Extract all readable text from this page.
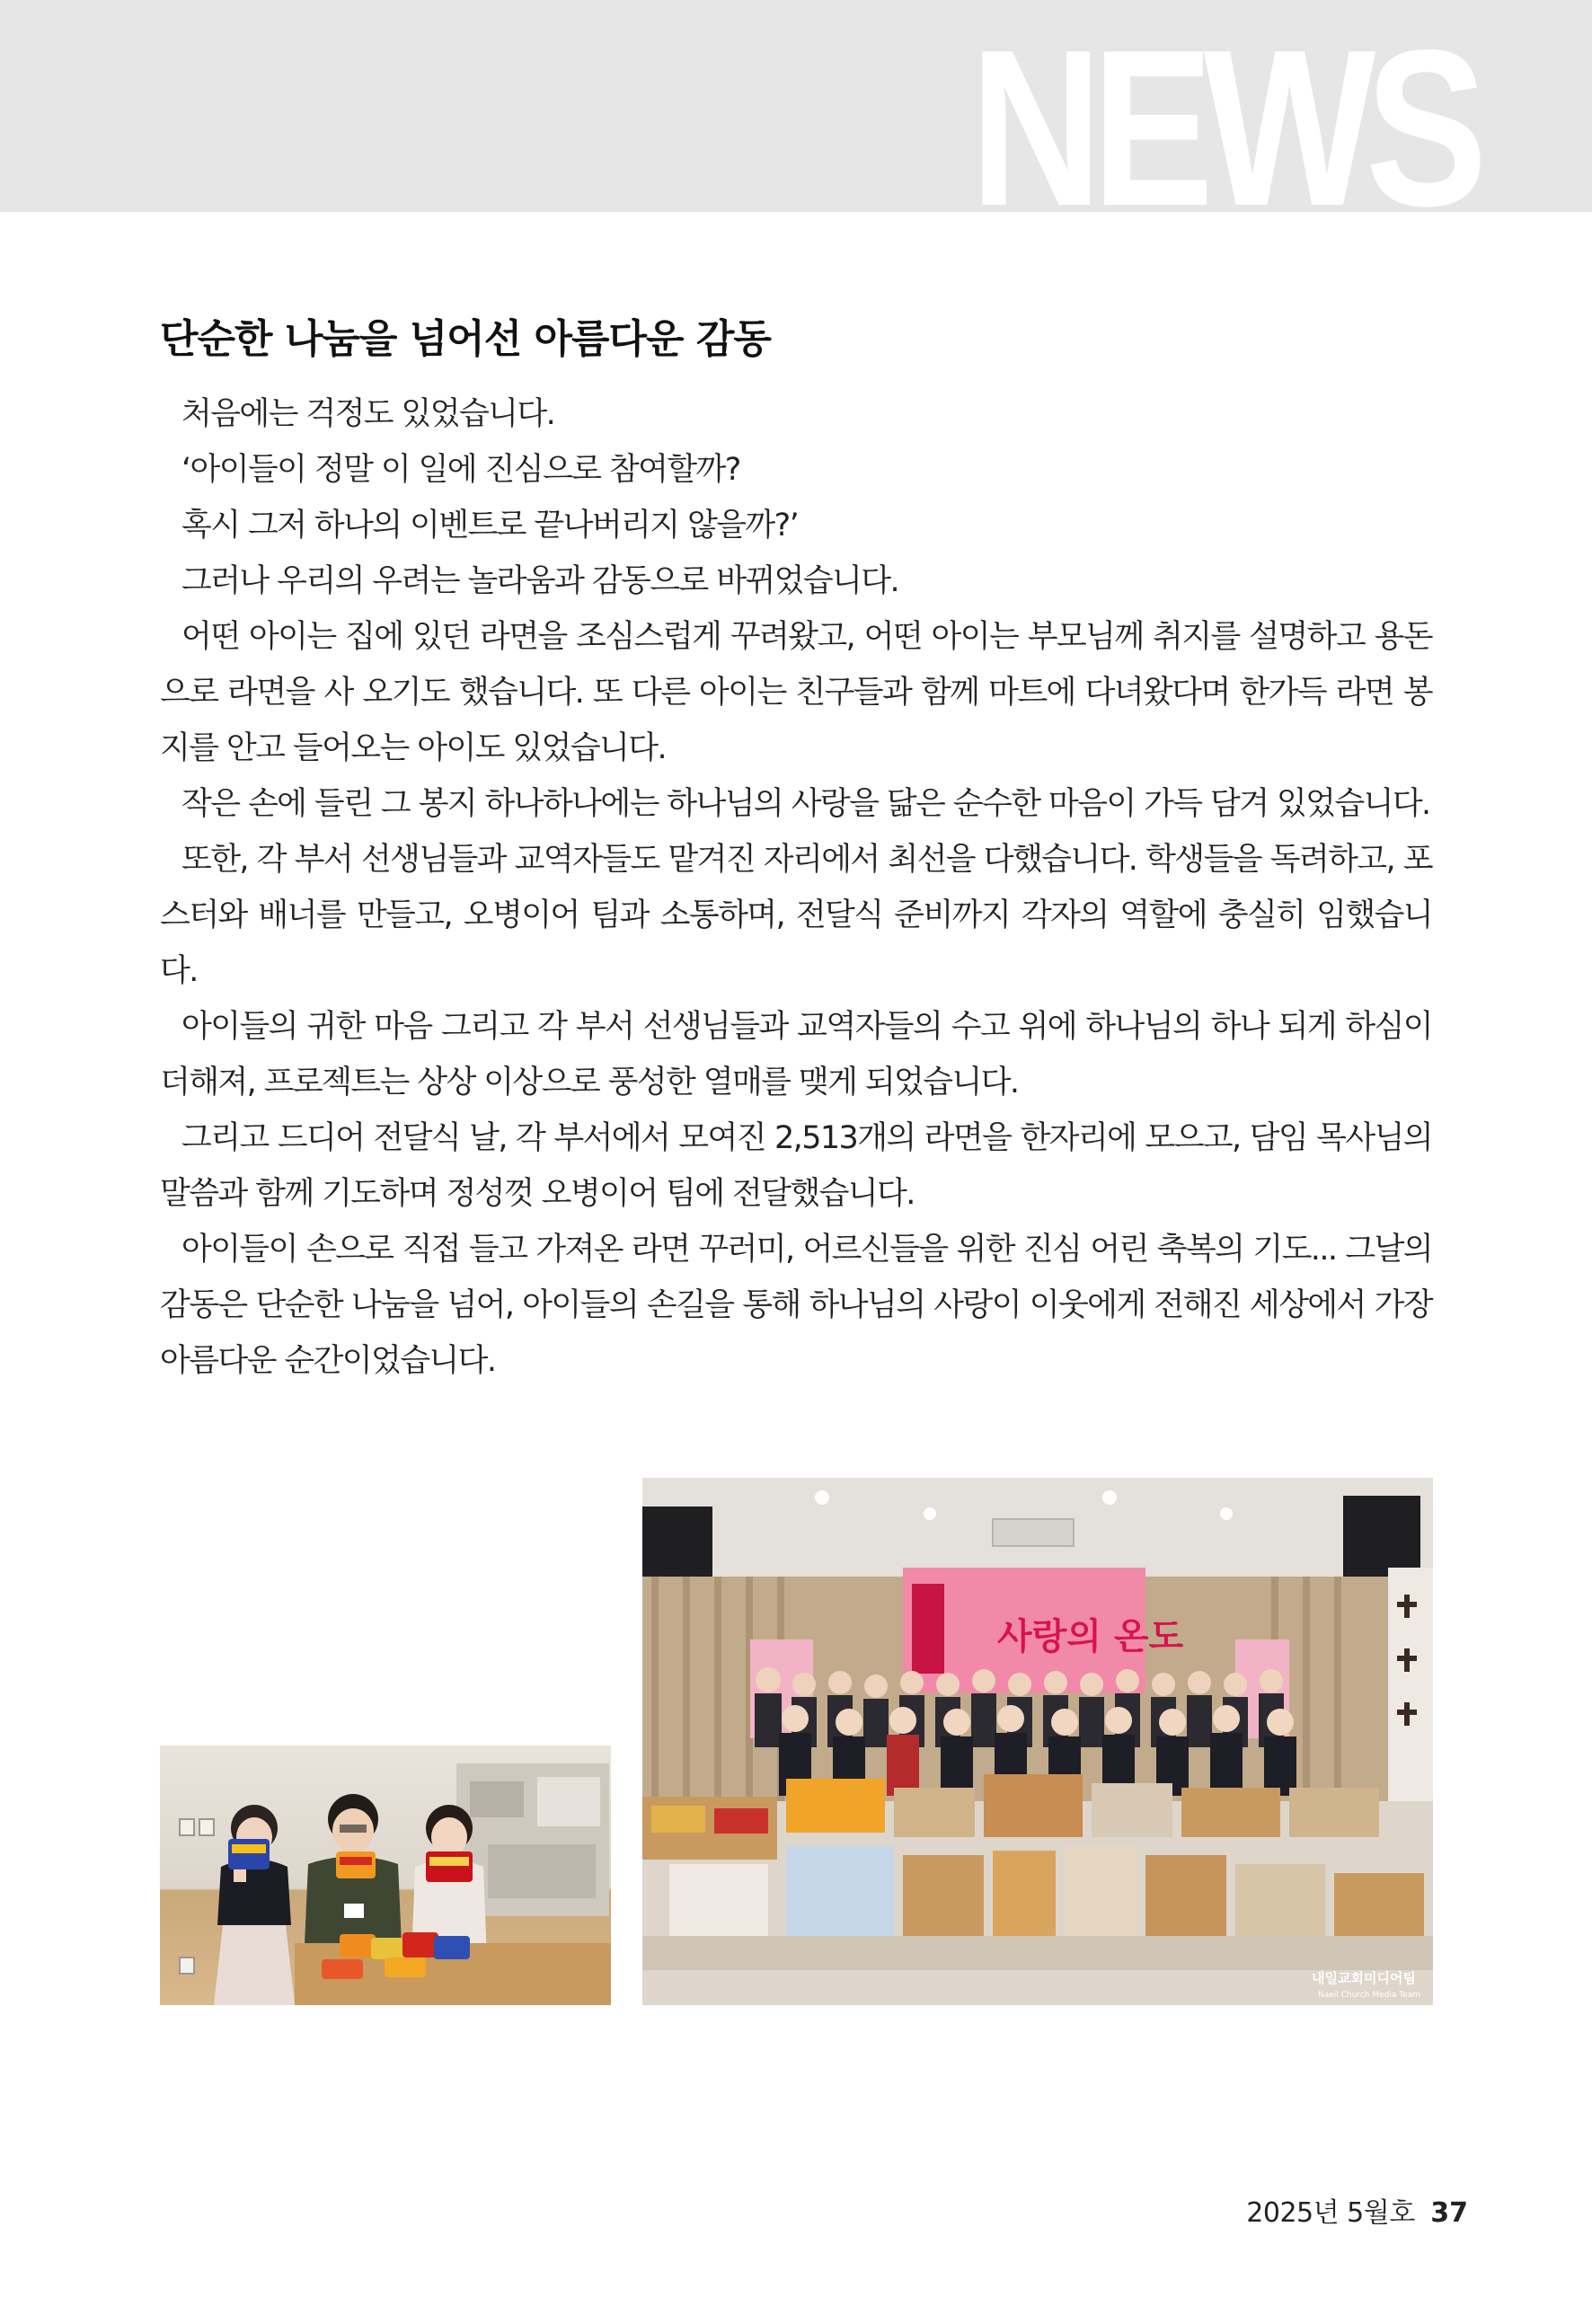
NEWS
단순한 나눔을 넘어선 아름다운 감동

처음에는 걱정도 있었습니다.

‘아이들이 정말 이 일에 진심으로 참여할까?

혹시 그저 하나의 이벤트로 끝나버리지 않을까?’

그러나 우리의 우려는 놀라움과 감동으로 바뀌었습니다.

어떤 아이는 집에 있던 라면을 조심스럽게 꾸려왔고, 어떤 아이는 부모님께 취지를 설명하고 용돈으로 라면을 사 오기도 했습니다. 또 다른 아이는 친구들과 함께 마트에 다녀왔다며 한가득 라면 봉지를 안고 들어오는 아이도 있었습니다.

작은 손에 들린 그 봉지 하나하나에는 하나님의 사랑을 닮은 순수한 마음이 가득 담겨 있었습니다.

또한, 각 부서 선생님들과 교역자들도 맡겨진 자리에서 최선을 다했습니다. 학생들을 독려하고, 포스터와 배너를 만들고, 오병이어 팀과 소통하며, 전달식 준비까지 각자의 역할에 충실히 임했습니다.

아이들의 귀한 마음 그리고 각 부서 선생님들과 교역자들의 수고 위에 하나님의 하나 되게 하심이 더해져, 프로젝트는 상상 이상으로 풍성한 열매를 맺게 되었습니다.

그리고 드디어 전달식 날, 각 부서에서 모여진 2,513개의 라면을 한자리에 모으고, 담임 목사님의 말씀과 함께 기도하며 정성껏 오병이어 팀에 전달했습니다.

아이들이 손으로 직접 들고 가져온 라면 꾸러미, 어르신들을 위한 진심 어린 축복의 기도... 그날의 감동은 단순한 나눔을 넘어, 아이들의 손길을 통해 하나님의 사랑이 이웃에게 전해진 세상에서 가장 아름다운 순간이었습니다.

사랑의 온도
내일교회미디어팀
Naeil Church Media Team
2025년 5월호 37
